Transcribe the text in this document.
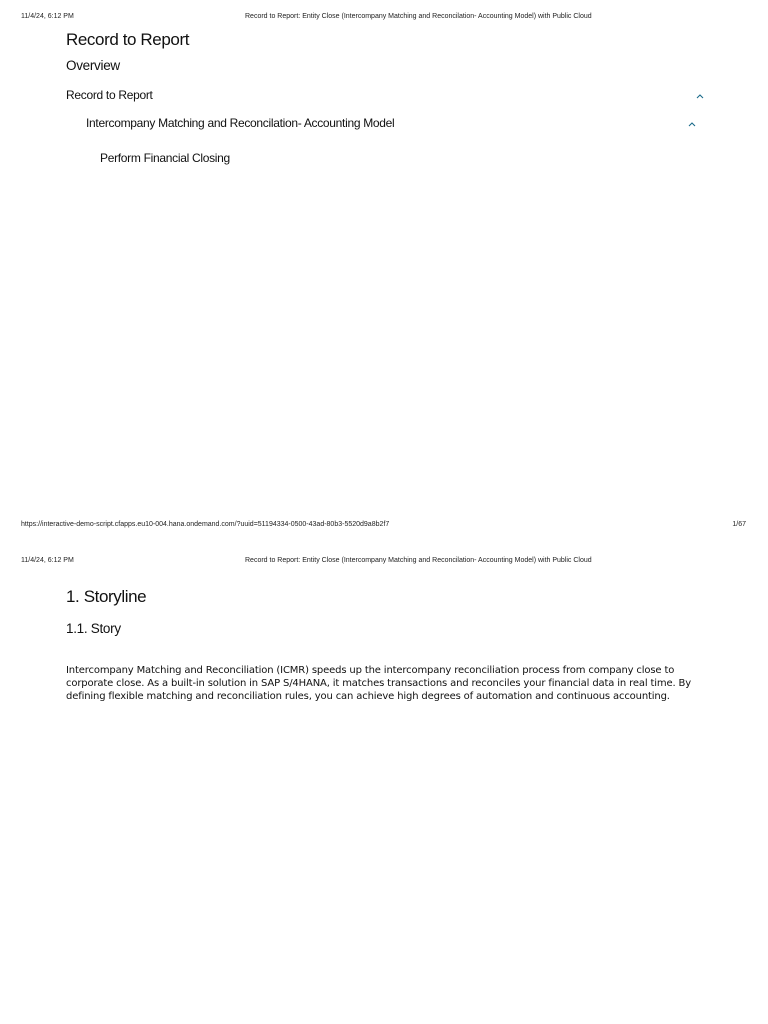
11/4/24, 6:12 PM	Record to Report: Entity Close (Intercompany Matching and Reconcilation- Accounting Model) with Public Cloud
Record to Report
Overview
Record to Report
Intercompany Matching and Reconcilation- Accounting Model
Perform Financial Closing
https://interactive-demo-script.cfapps.eu10-004.hana.ondemand.com/?uuid=51194334-0500-43ad-80b3-5520d9a8b2f7	1/67
11/4/24, 6:12 PM	Record to Report: Entity Close (Intercompany Matching and Reconcilation- Accounting Model) with Public Cloud
1. Storyline
1.1. Story

Intercompany Matching and Reconciliation (ICMR) speeds up the intercompany reconciliation process from company close to corporate close. As a built-in solution in SAP S/4HANA, it matches transactions and reconciles your financial data in real time. By defining flexible matching and reconciliation rules, you can achieve high degrees of automation and continuous accounting.
